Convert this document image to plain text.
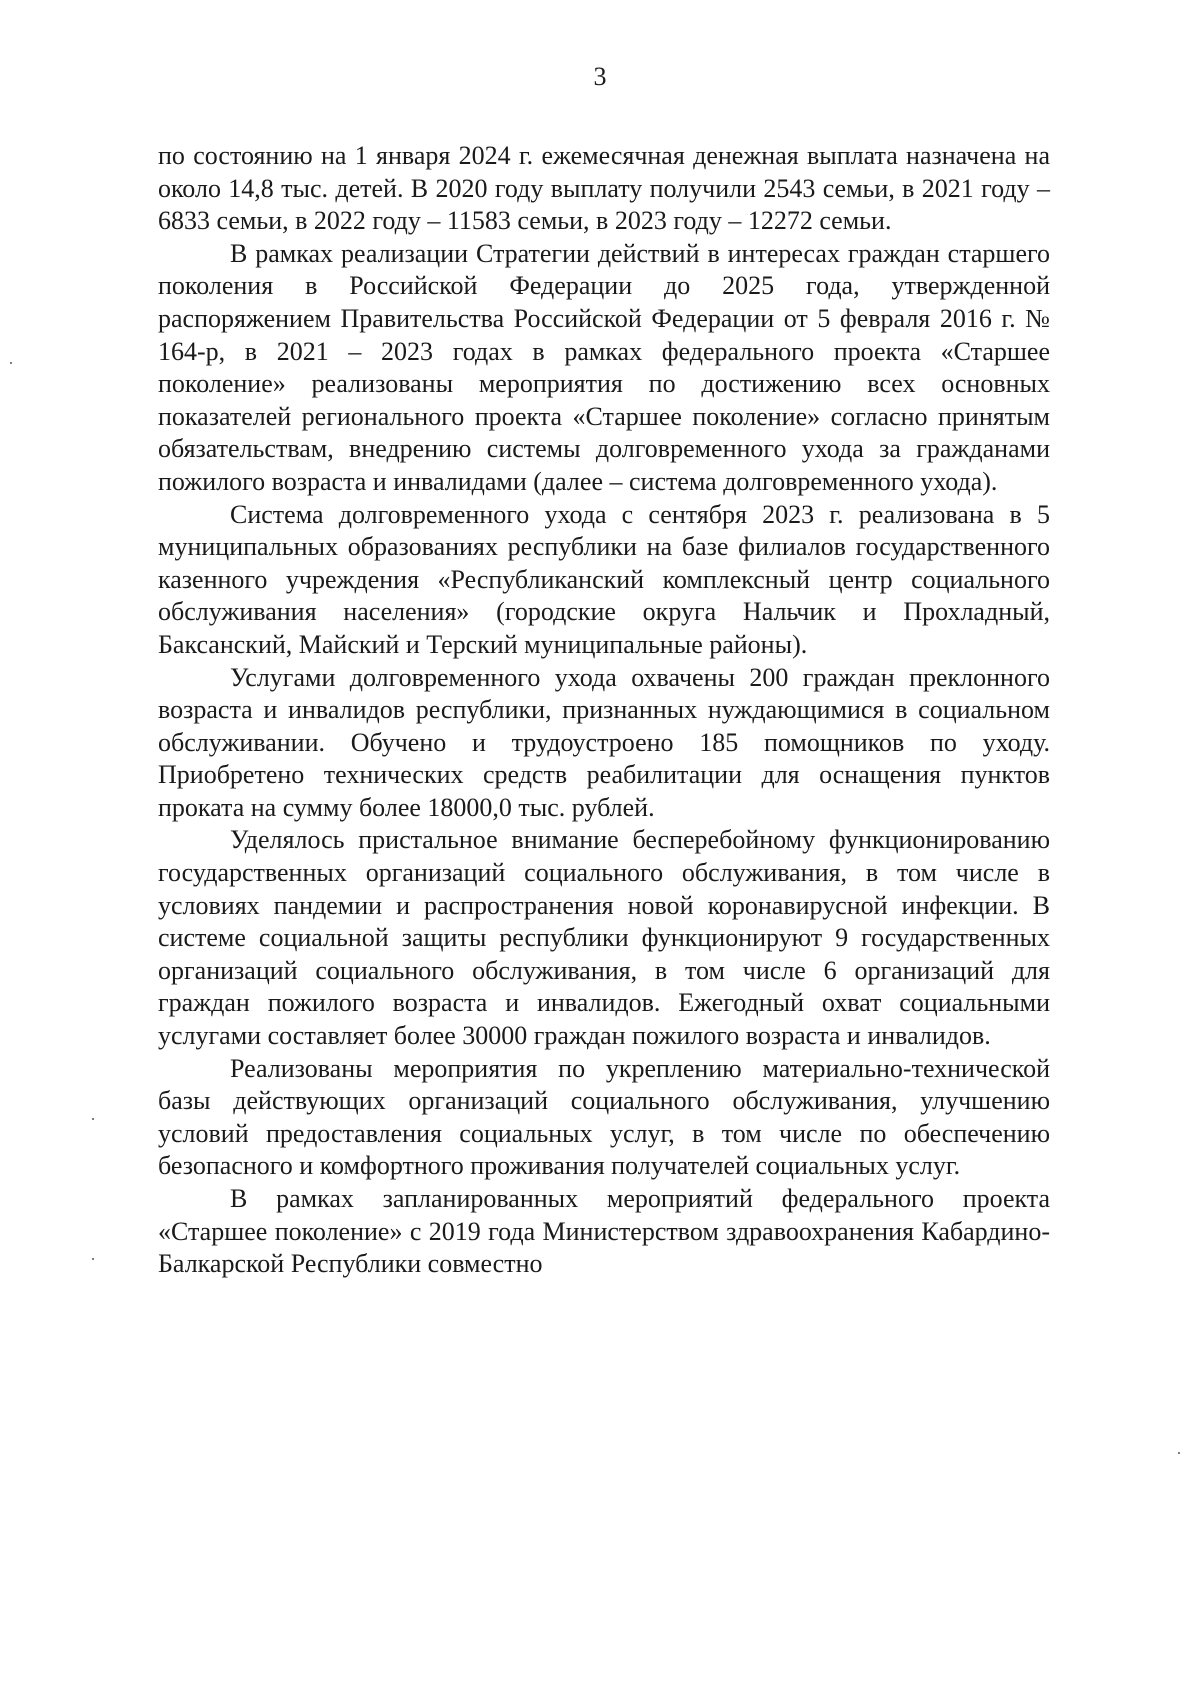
3

по состоянию на 1 января 2024 г. ежемесячная денежная выплата назначена на около 14,8 тыс. детей. В 2020 году выплату получили 2543 семьи, в 2021 году – 6833 семьи, в 2022 году – 11583 семьи, в 2023 году – 12272 семьи.

В рамках реализации Стратегии действий в интересах граждан старшего поколения в Российской Федерации до 2025 года, утвержденной распоряжением Правительства Российской Федерации от 5 февраля 2016 г. № 164-р, в 2021 – 2023 годах в рамках федерального проекта «Старшее поколение» реализованы мероприятия по достижению всех основных показателей регионального проекта «Старшее поколение» согласно принятым обязательствам, внедрению системы долговременного ухода за гражданами пожилого возраста и инвалидами (далее – система долговременного ухода).

Система долговременного ухода с сентября 2023 г. реализована в 5 муниципальных образованиях республики на базе филиалов государственного казенного учреждения «Республиканский комплексный центр социального обслуживания населения» (городские округа Нальчик и Прохладный, Баксанский, Майский и Терский муниципальные районы).

Услугами долговременного ухода охвачены 200 граждан преклонного возраста и инвалидов республики, признанных нуждающимися в социальном обслуживании. Обучено и трудоустроено 185 помощников по уходу. Приобретено технических средств реабилитации для оснащения пунктов проката на сумму более 18000,0 тыс. рублей.

Уделялось пристальное внимание бесперебойному функционированию государственных организаций социального обслуживания, в том числе в условиях пандемии и распространения новой коронавирусной инфекции. В системе социальной защиты республики функционируют 9 государственных организаций социального обслуживания, в том числе 6 организаций для граждан пожилого возраста и инвалидов. Ежегодный охват социальными услугами составляет более 30000 граждан пожилого возраста и инвалидов.

Реализованы мероприятия по укреплению материально-технической базы действующих организаций социального обслуживания, улучшению условий предоставления социальных услуг, в том числе по обеспечению безопасного и комфортного проживания получателей социальных услуг.

В рамках запланированных мероприятий федерального проекта «Старшее поколение» с 2019 года Министерством здравоохранения Кабардино-Балкарской Республики совместно
